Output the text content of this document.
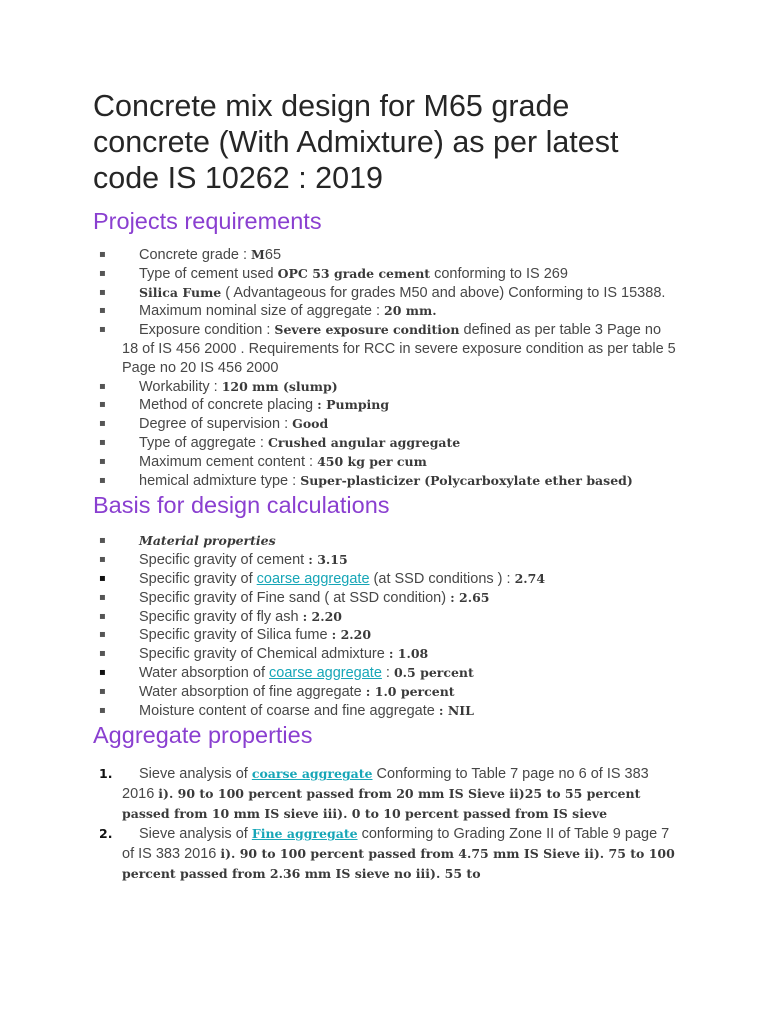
Concrete mix design for M65 grade concrete (With Admixture) as per latest code IS 10262 : 2019
Projects requirements
▪ Concrete grade : M65
▪ Type of cement used OPC 53 grade cement conforming to IS 269
▪	Silica Fume ( Advantageous for grades M50 and above) Conforming to IS 15388.
▪ Maximum nominal size of aggregate : 20 mm.
▪ Exposure condition : Severe exposure condition defined as per table 3 Page no 18 of IS 456 2000 . Requirements for RCC in severe exposure condition as per table 5 Page no 20 IS 456 2000
▪ Workability : 120 mm (slump)
▪ Method of concrete placing : Pumping
▪ Degree of supervision : Good
▪ Type of aggregate : Crushed angular aggregate
▪ Maximum cement content : 450 kg per cum
▪ hemical admixture type : Super-plasticizer (Polycarboxylate ether based)
Basis for design calculations
▪	Material properties
▪ Specific gravity of cement : 3.15
▪ Specific gravity of coarse aggregate (at SSD conditions ) : 2.74
▪ Specific gravity of Fine sand ( at SSD condition) : 2.65
▪ Specific gravity of fly ash : 2.20
▪ Specific gravity of Silica fume : 2.20
▪ Specific gravity of Chemical admixture : 1.08
▪ Water absorption of coarse aggregate : 0.5 percent
▪ Water absorption of fine aggregate : 1.0 percent
▪ Moisture content of coarse and fine aggregate : NIL
Aggregate properties
1. Sieve analysis of coarse aggregate Conforming to Table 7 page no 6 of IS 383 2016 i). 90 to 100 percent passed from 20 mm IS Sieve ii)25 to 55 percent passed from 10 mm IS sieve iii). 0 to 10 percent passed from IS sieve
2. Sieve analysis of Fine aggregate conforming to Grading Zone II of Table 9 page 7 of IS 383 2016 i). 90 to 100 percent passed from 4.75 mm IS Sieve ii). 75 to 100 percent passed from 2.36 mm IS sieve no iii). 55 to
